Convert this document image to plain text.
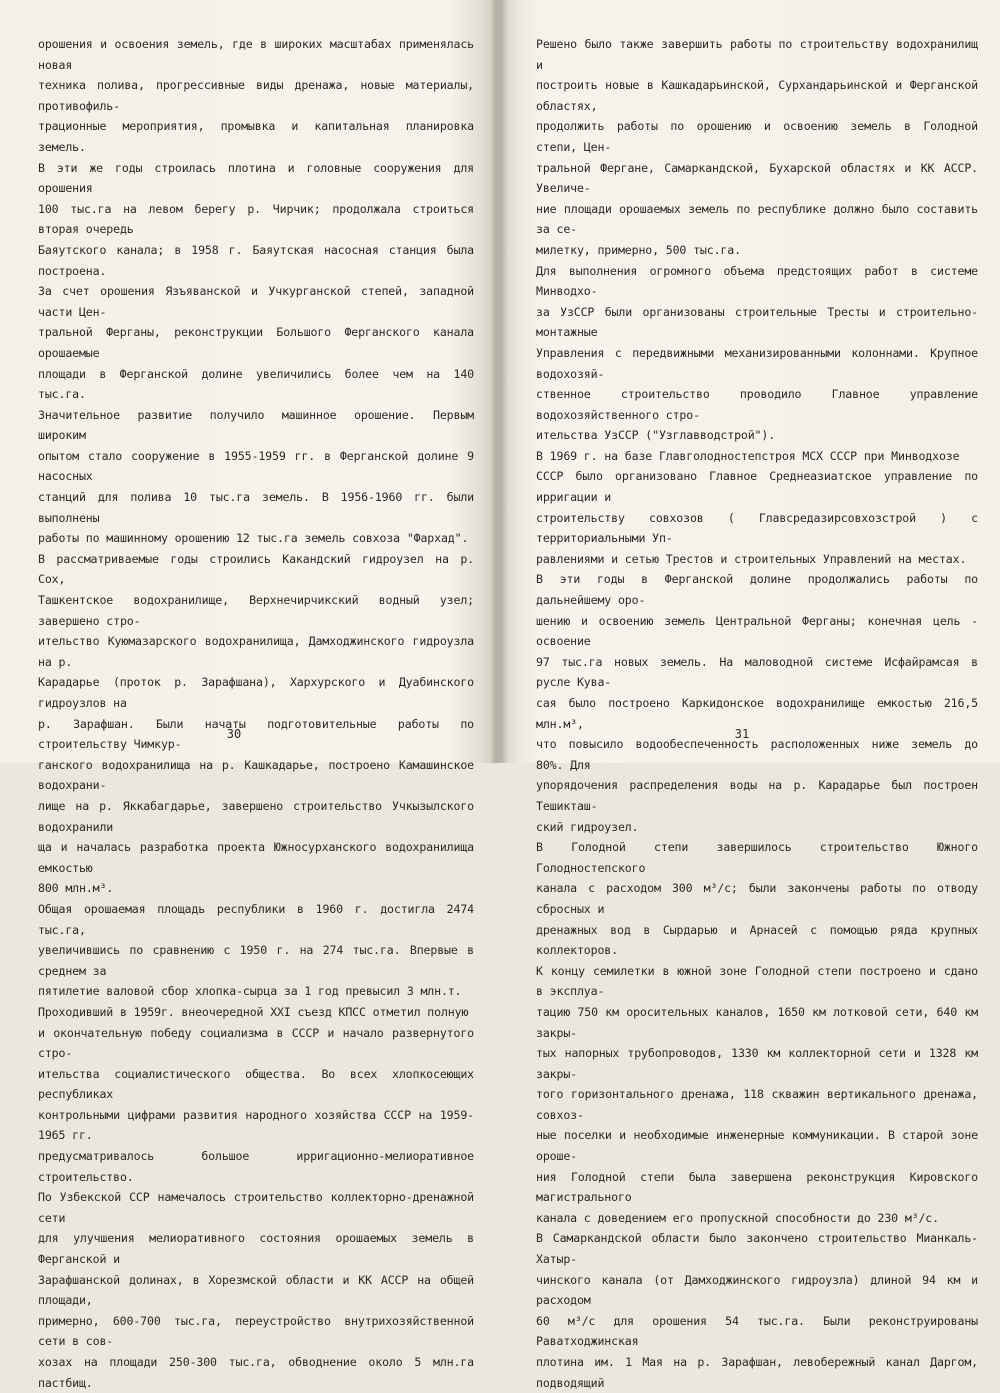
орошения и освоения земель, где в широких масштабах применялась новая
техника полива, прогрессивные виды дренажа, новые материалы, противофиль-
трационные мероприятия, промывка и капитальная планировка земель.

В эти же годы строилась плотина и головные сооружения для орошения
100 тыс.га на левом берегу р. Чирчик; продолжала строиться вторая очередь
Баяутского канала; в 1958 г. Баяутская насосная станция была построена.
За счет орошения Язъяванской и Учкурганской степей, западной части Цен-
тральной Ферганы, реконструкции Большого Ферганского канала орошаемые
площади в Ферганской долине увеличились более чем на 140 тыс.га.

Значительное развитие получило машинное орошение. Первым широким
опытом стало сооружение в 1955-1959 гг. в Ферганской долине 9 насосных
станций для полива 10 тыс.га земель. В 1956-1960 гг. были выполнены
работы по машинному орошению 12 тыс.га земель совхоза "Фархад".

В рассматриваемые годы строились Какандский гидроузел на р. Сох,
Ташкентское водохранилище, Верхнечирчикский водный узел; завершено стро-
ительство Куюмазарского водохранилища, Дамходжинского гидроузла на р.
Карадарье (проток р. Зарафшана), Хархурского и Дуабинского гидроузлов на
р. Зарафшан. Были начаты подготовительные работы по строительству Чимкур-
ганского водохранилища на р. Кашкадарье, построено Камашинское водохрани-
лище на р. Яккабагдарье, завершено строительство Учкызылского водохранили
ща и началась разработка проекта Южносурханского водохранилища емкостью
800 млн.м³.

Общая орошаемая площадь республики в 1960 г. достигла 2474 тыс.га,
увеличившись по сравнению с 1950 г. на 274 тыс.га. Впервые в среднем за
пятилетие валовой сбор хлопка-сырца за 1 год превысил 3 млн.т.

Проходивший в 1959г. внеочередной XXI съезд КПСС отметил полную
и окончательную победу социализма в СССР и начало развернутого стро-
ительства социалистического общества. Во всех хлопкосеющих республиках
контрольными цифрами развития народного хозяйства СССР на 1959-1965 гг.
предусматривалось большое ирригационно-мелиоративное строительство.

По Узбекской ССР намечалось строительство коллекторно-дренажной сети
для улучшения мелиоративного состояния орошаемых земель в Ферганской и
Зарафшанской долинах, в Хорезмской области и КК АССР на общей площади,
примерно, 600-700 тыс.га, переустройство внутрихозяйственной сети в сов-
хозах на площади 250-300 тыс.га, обводнение около 5 млн.га пастбищ.

30

Решено было также завершить работы по строительству водохранилищ и
построить новые в Кашкадарьинской, Сурхандарьинской и Ферганской областях,
продолжить работы по орошению и освоению земель в Голодной степи, Цен-
тральной Фергане, Самаркандской, Бухарской областях и КК АССР. Увеличе-
ние площади орошаемых земель по республике должно было составить за се-
милетку, примерно, 500 тыс.га.

Для выполнения огромного объема предстоящих работ в системе Минводхо-
за УзССР были организованы строительные Тресты и строительно-монтажные
Управления с передвижными механизированными колоннами. Крупное водохозяй-
ственное строительство проводило Главное управление водохозяйственного стро-
ительства УзССР ("Узглавводстрой").

В 1969 г. на базе Главголодностепстроя МСХ СССР при Минводхозе
СССР было организовано Главное Среднеазиатское управление по ирригации и
строительству совхозов ( Главсредазирсовхозстрой ) с территориальными Уп-
равлениями и сетью Трестов и строительных Управлений на местах.

В эти годы в Ферганской долине продолжались работы по дальнейшему оро-
шению и освоению земель Центральной Ферганы; конечная цель - освоение
97 тыс.га новых земель. На маловодной системе Исфайрамсая в русле Кува-
сая было построено Каркидонское водохранилище емкостью 216,5 млн.м³,
что повысило водообеспеченность расположенных ниже земель до 80%. Для
упорядочения распределения воды на р. Карадарье был построен Тешикташ-
ский гидроузел.

В Голодной степи завершилось строительство Южного Голодностепского
канала с расходом 300 м³/с; были закончены работы по отводу сбросных и
дренажных вод в Сырдарью и Арнасей с помощью ряда крупных коллекторов.
К концу семилетки в южной зоне Голодной степи построено и сдано в эксплуа-
тацию 750 км оросительных каналов, 1650 км лотковой сети, 640 км закры-
тых напорных трубопроводов, 1330 км коллекторной сети и 1328 км закры-
того горизонтального дренажа, 118 скважин вертикального дренажа, совхоз-
ные поселки и необходимые инженерные коммуникации. В старой зоне ороше-
ния Голодной степи была завершена реконструкция Кировского магистрального
канала с доведением его пропускной способности до 230 м³/с.

В Самаркандской области было закончено строительство Мианкаль-Хатыр-
чинского канала (от Дамходжинского гидроузла) длиной 94 км и расходом
60 м³/с для орошения 54 тыс.га. Были реконструированы Раватходжинская
плотина им. 1 Мая на р. Зарафшан, левобережный канал Даргом, подводящий

31
